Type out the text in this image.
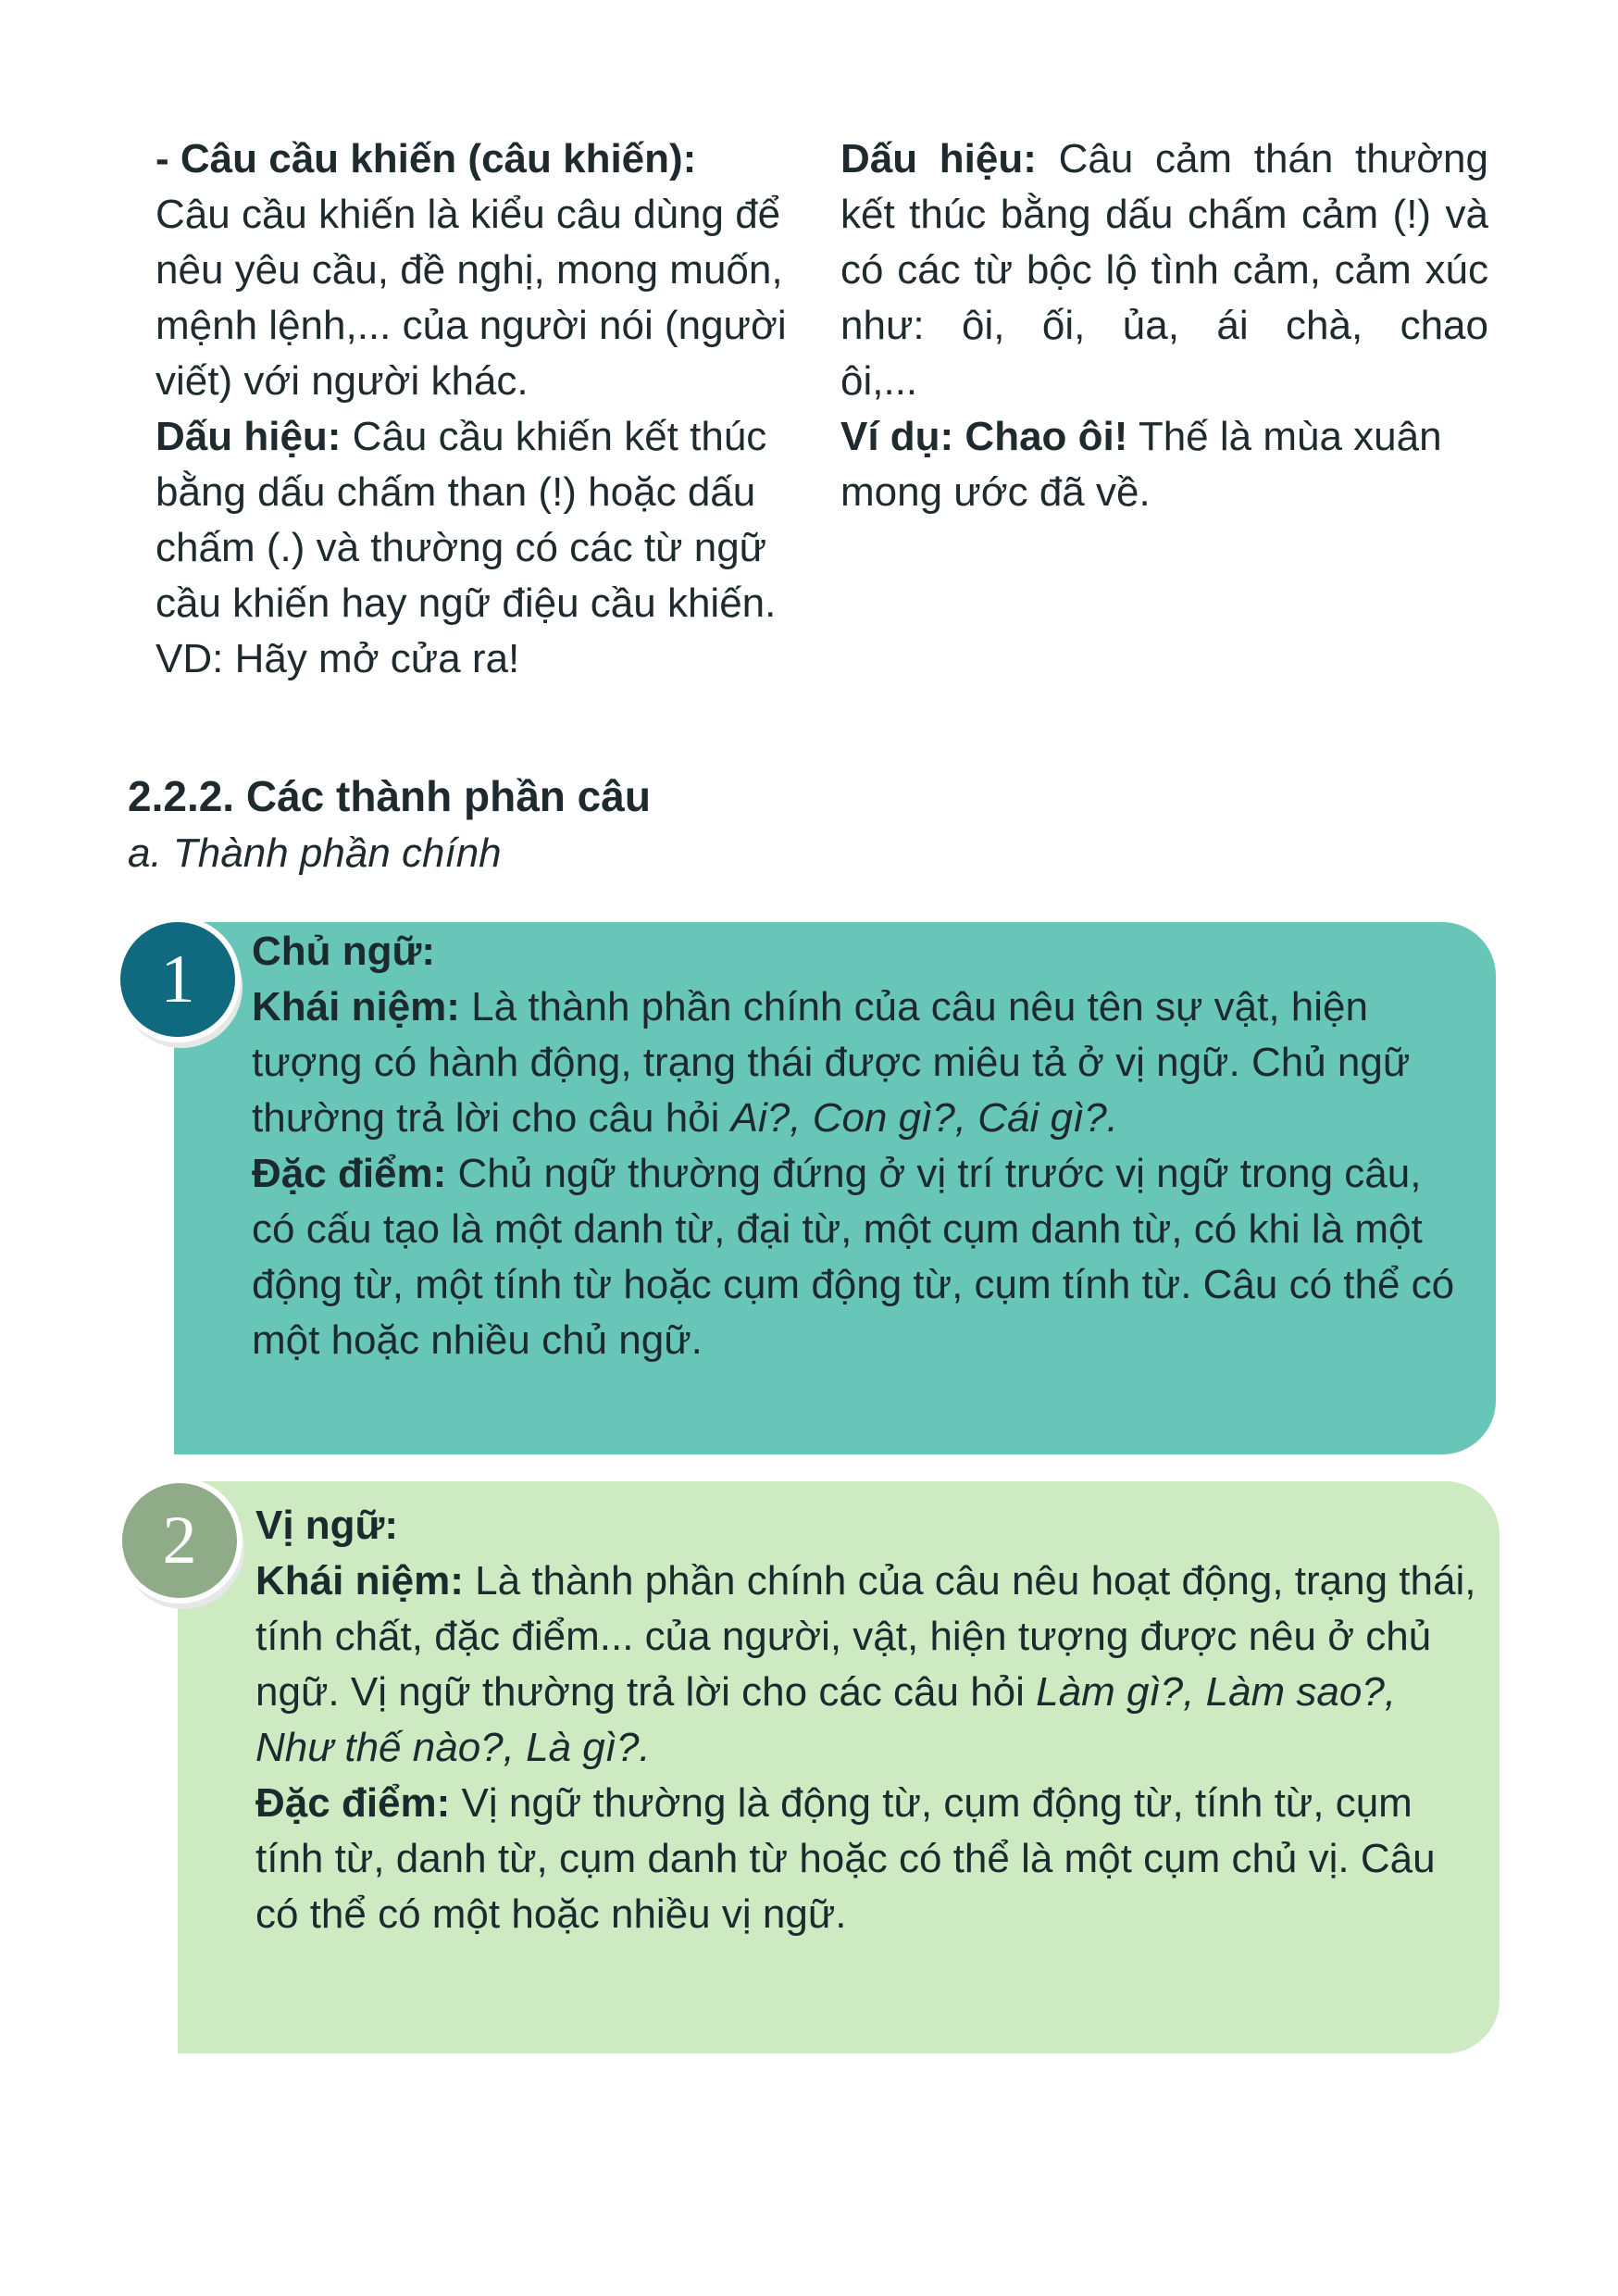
- Câu cầu khiến (câu khiến):

Câu cầu khiến là kiểu câu dùng để nêu yêu cầu, đề nghị, mong muốn, mệnh lệnh,... của người nói (người viết) với người khác.

Dấu hiệu: Câu cầu khiến kết thúc bằng dấu chấm than (!) hoặc dấu chấm (.) và thường có các từ ngữ cầu khiến hay ngữ điệu cầu khiến.

VD: Hãy mở cửa ra!

Dấu hiệu: Câu cảm thán thường kết thúc bằng dấu chấm cảm (!) và có các từ bộc lộ tình cảm, cảm xúc như: ôi, ối, ủa, ái chà, chao

ôi,...

Ví dụ: Chao ôi! Thế là mùa xuân mong ước đã về.

2.2.2. Các thành phần câu

a. Thành phần chính

Chủ ngữ:

Khái niệm: Là thành phần chính của câu nêu tên sự vật, hiện tượng có hành động, trạng thái được miêu tả ở vị ngữ. Chủ ngữ thường trả lời cho câu hỏi Ai?, Con gì?, Cái gì?.

Đặc điểm: Chủ ngữ thường đứng ở vị trí trước vị ngữ trong câu, có cấu tạo là một danh từ, đại từ, một cụm danh từ, có khi là một động từ, một tính từ hoặc cụm động từ, cụm tính từ. Câu có thể có một hoặc nhiều chủ ngữ.

1

Vị ngữ:

Khái niệm: Là thành phần chính của câu nêu hoạt động, trạng thái, tính chất, đặc điểm... của người, vật, hiện tượng được nêu ở chủ ngữ. Vị ngữ thường trả lời cho các câu hỏi Làm gì?, Làm sao?, Như thế nào?, Là gì?.

Đặc điểm: Vị ngữ thường là động từ, cụm động từ, tính từ, cụm tính từ, danh từ, cụm danh từ hoặc có thể là một cụm chủ vị. Câu có thể có một hoặc nhiều vị ngữ.

2
